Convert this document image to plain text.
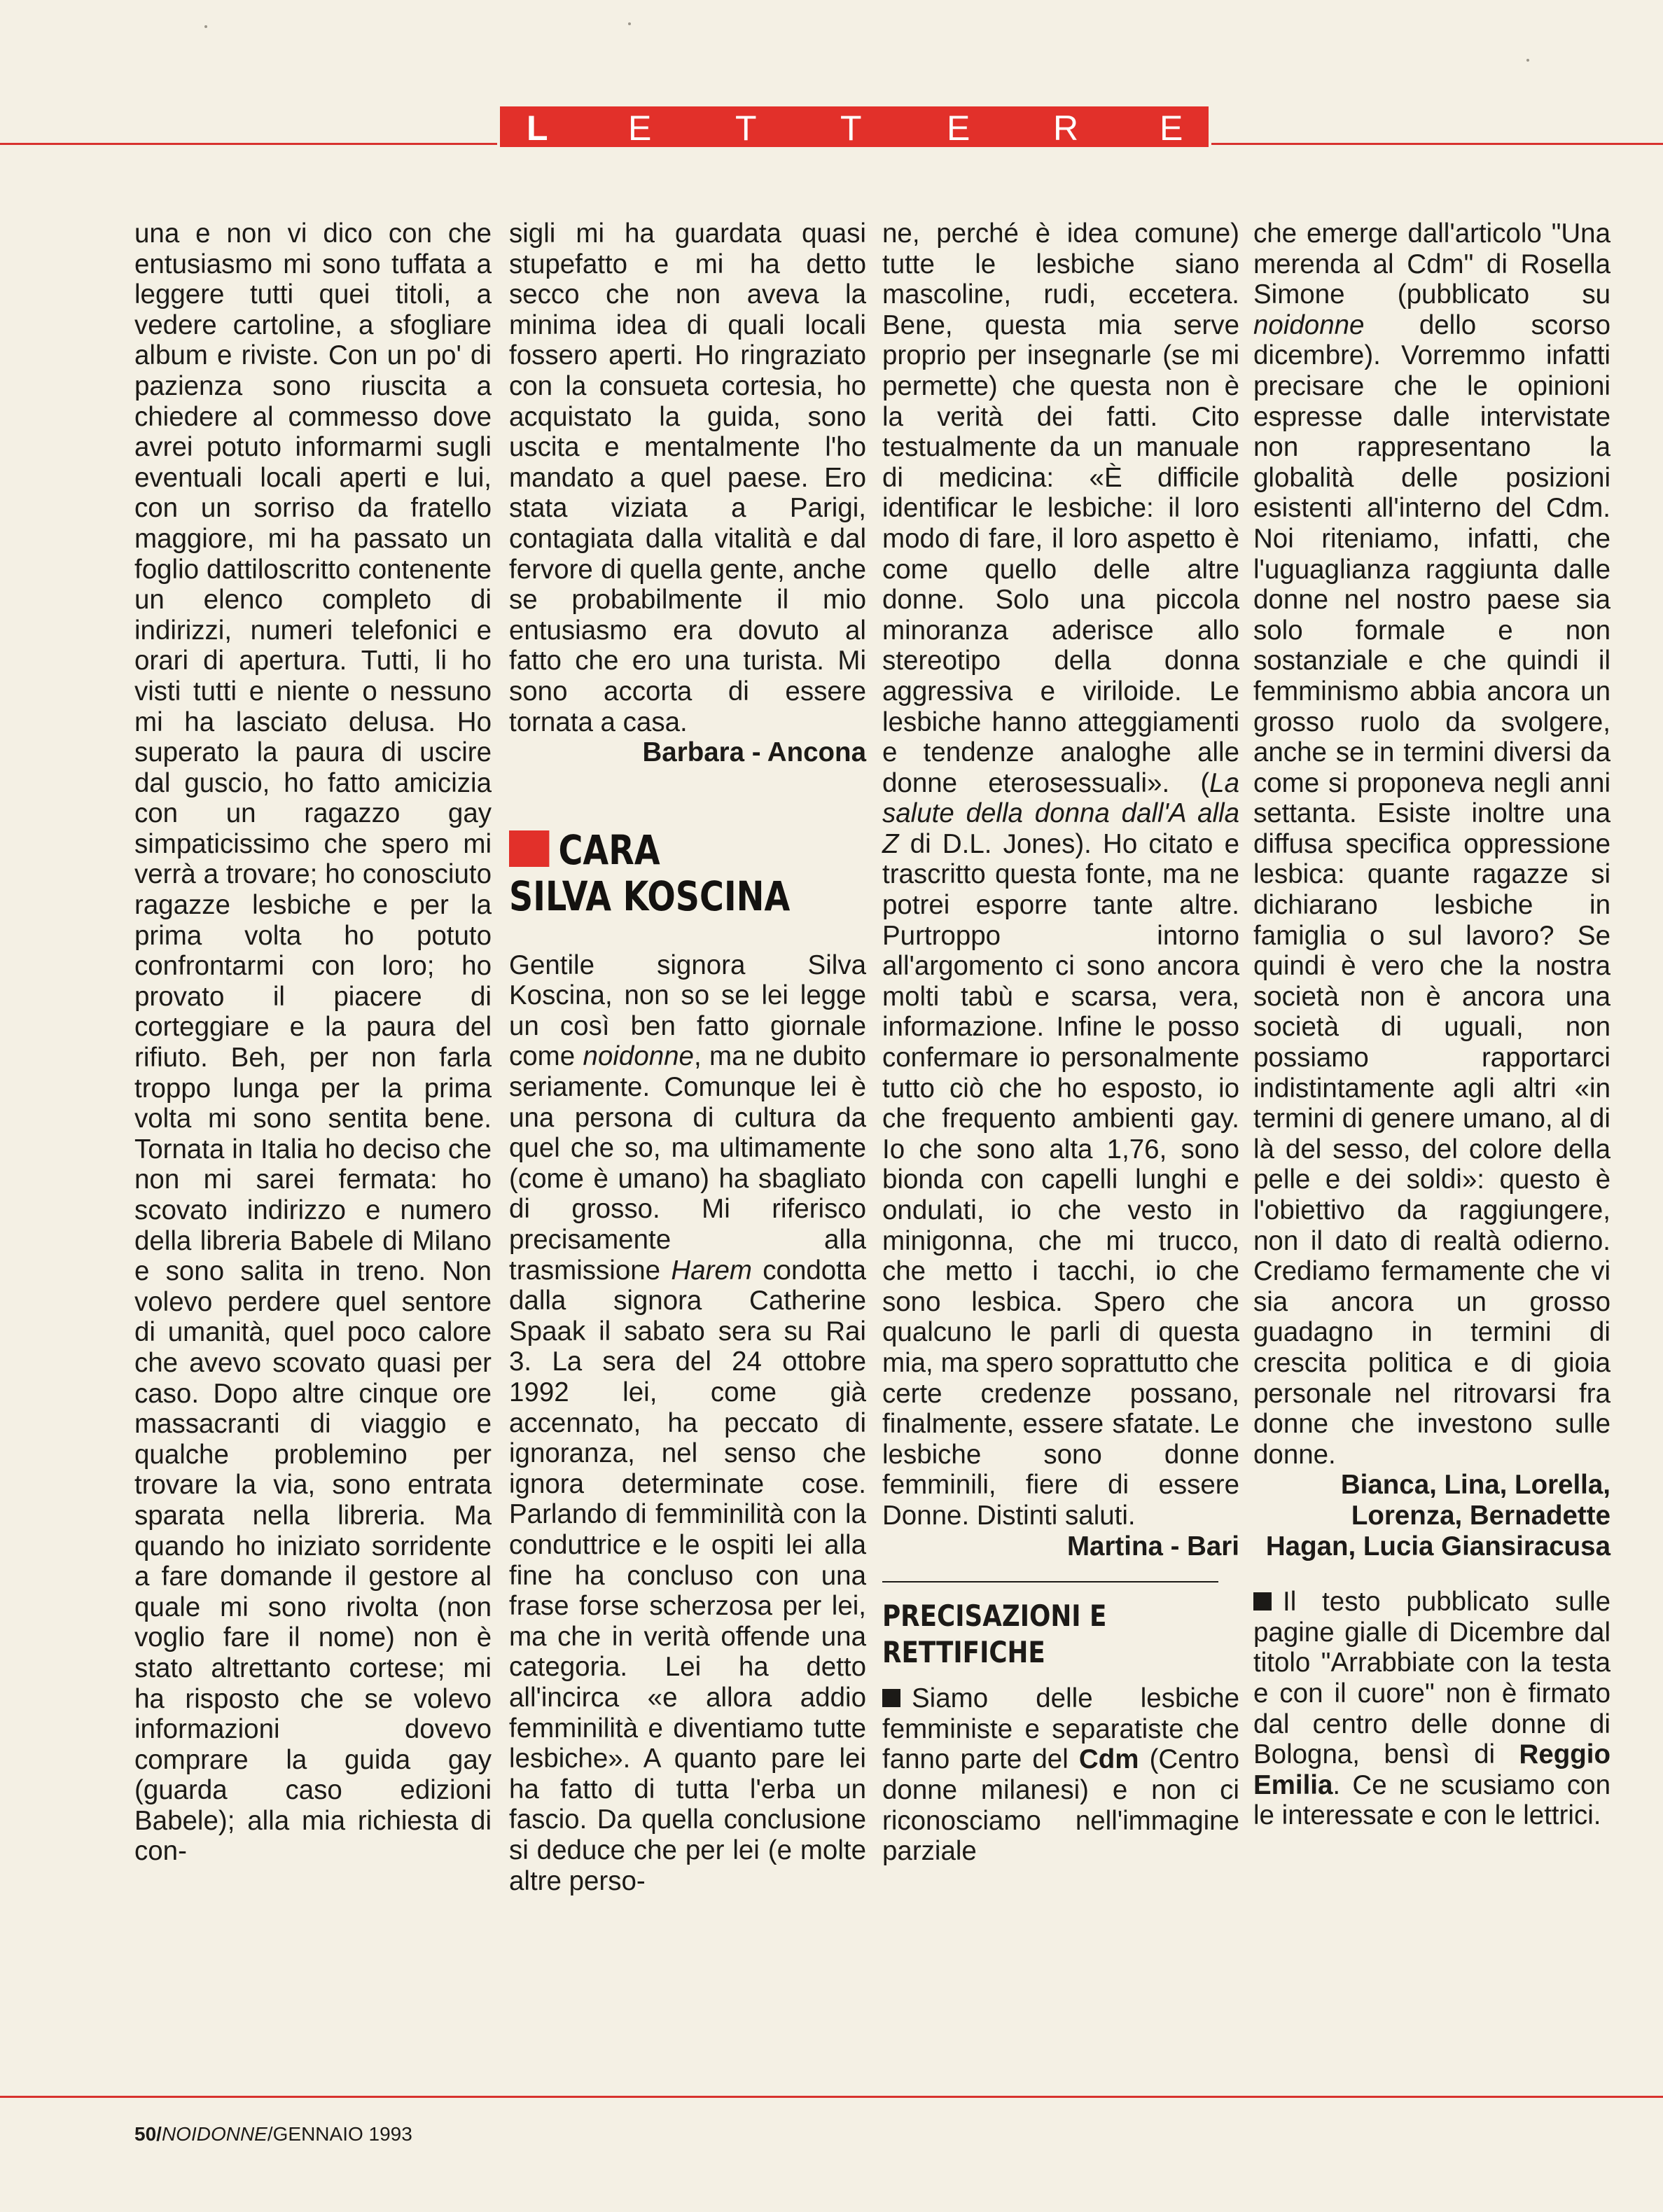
L E T T E R E

una e non vi dico con che entusiasmo mi sono tuffata a leggere tutti quei titoli, a vedere cartoline, a sfogliare album e riviste. Con un po' di pazienza sono riuscita a chiedere al commesso dove avrei potuto informarmi sugli eventuali locali aperti e lui, con un sorriso da fratello maggiore, mi ha passato un foglio dattiloscritto contenente un elenco completo di indirizzi, numeri telefonici e orari di apertura. Tutti, li ho visti tutti e niente o nessuno mi ha lasciato delusa. Ho superato la paura di uscire dal guscio, ho fatto amicizia con un ragazzo gay simpaticissimo che spero mi verrà a trovare; ho conosciuto ragazze lesbiche e per la prima volta ho potuto confrontarmi con loro; ho provato il piacere di corteggiare e la paura del rifiuto. Beh, per non farla troppo lunga per la prima volta mi sono sentita bene. Tornata in Italia ho deciso che non mi sarei fermata: ho scovato indirizzo e numero della libreria Babele di Milano e sono salita in treno. Non volevo perdere quel sentore di umanità, quel poco calore che avevo scovato quasi per caso. Dopo altre cinque ore massacranti di viaggio e qualche problemino per trovare la via, sono entrata sparata nella libreria. Ma quando ho iniziato sorridente a fare domande il gestore al quale mi sono rivolta (non voglio fare il nome) non è stato altrettanto cortese; mi ha risposto che se volevo informazioni dovevo comprare la guida gay (guarda caso edizioni Babele); alla mia richiesta di con-

sigli mi ha guardata quasi stupefatto e mi ha detto secco che non aveva la minima idea di quali locali fossero aperti. Ho ringraziato con la consueta cortesia, ho acquistato la guida, sono uscita e mentalmente l'ho mandato a quel paese. Ero stata viziata a Parigi, contagiata dalla vitalità e dal fervore di quella gente, anche se probabilmente il mio entusiasmo era dovuto al fatto che ero una turista. Mi sono accorta di essere tornata a casa.

Barbara - Ancona

CARA
SILVA KOSCINA

Gentile signora Silva Koscina, non so se lei legge un così ben fatto giornale come noidonne, ma ne dubito seriamente. Comunque lei è una persona di cultura da quel che so, ma ultimamente (come è umano) ha sbagliato di grosso. Mi riferisco precisamente alla trasmissione Harem condotta dalla signora Catherine Spaak il sabato sera su Rai 3. La sera del 24 ottobre 1992 lei, come già accennato, ha peccato di ignoranza, nel senso che ignora determinate cose. Parlando di femminilità con la conduttrice e le ospiti lei alla fine ha concluso con una frase forse scherzosa per lei, ma che in verità offende una categoria. Lei ha detto all'incirca «e allora addio femminilità e diventiamo tutte lesbiche». A quanto pare lei ha fatto di tutta l'erba un fascio. Da quella conclusione si deduce che per lei (e molte altre perso-

ne, perché è idea comune) tutte le lesbiche siano mascoline, rudi, eccetera. Bene, questa mia serve proprio per insegnarle (se mi permette) che questa non è la verità dei fatti. Cito testualmente da un manuale di medicina: «È difficile identificar le lesbiche: il loro modo di fare, il loro aspetto è come quello delle altre donne. Solo una piccola minoranza aderisce allo stereotipo della donna aggressiva e viriloide. Le lesbiche hanno atteggiamenti e tendenze analoghe alle donne eterosessuali». (La salute della donna dall'A alla Z di D.L. Jones). Ho citato e trascritto questa fonte, ma ne potrei esporre tante altre. Purtroppo intorno all'argomento ci sono ancora molti tabù e scarsa, vera, informazione. Infine le posso confermare io personalmente tutto ciò che ho esposto, io che frequento ambienti gay. Io che sono alta 1,76, sono bionda con capelli lunghi e ondulati, io che vesto in minigonna, che mi trucco, che metto i tacchi, io che sono lesbica. Spero che qualcuno le parli di questa mia, ma spero soprattutto che certe credenze possano, finalmente, essere sfatate. Le lesbiche sono donne femminili, fiere di essere Donne. Distinti saluti.

Martina - Bari

PRECISAZIONI E
RETTIFICHE

Siamo delle lesbiche femministe e separatiste che fanno parte del Cdm (Centro donne milanesi) e non ci riconosciamo nell'immagine parziale

che emerge dall'articolo "Una merenda al Cdm" di Rosella Simone (pubblicato su noidonne dello scorso dicembre). Vorremmo infatti precisare che le opinioni espresse dalle intervistate non rappresentano la globalità delle posizioni esistenti all'interno del Cdm. Noi riteniamo, infatti, che l'uguaglianza raggiunta dalle donne nel nostro paese sia solo formale e non sostanziale e che quindi il femminismo abbia ancora un grosso ruolo da svolgere, anche se in termini diversi da come si proponeva negli anni settanta. Esiste inoltre una diffusa specifica oppressione lesbica: quante ragazze si dichiarano lesbiche in famiglia o sul lavoro? Se quindi è vero che la nostra società non è ancora una società di uguali, non possiamo rapportarci indistintamente agli altri «in termini di genere umano, al di là del sesso, del colore della pelle e dei soldi»: questo è l'obiettivo da raggiungere, non il dato di realtà odierno. Crediamo fermamente che vi sia ancora un grosso guadagno in termini di crescita politica e di gioia personale nel ritrovarsi fra donne che investono sulle donne.

Bianca, Lina, Lorella,
Lorenza, Bernadette
Hagan, Lucia Giansiracusa

Il testo pubblicato sulle pagine gialle di Dicembre dal titolo "Arrabbiate con la testa e con il cuore" non è firmato dal centro delle donne di Bologna, bensì di Reggio Emilia. Ce ne scusiamo con le interessate e con le lettrici.

50/NOIDONNE/GENNAIO 1993
